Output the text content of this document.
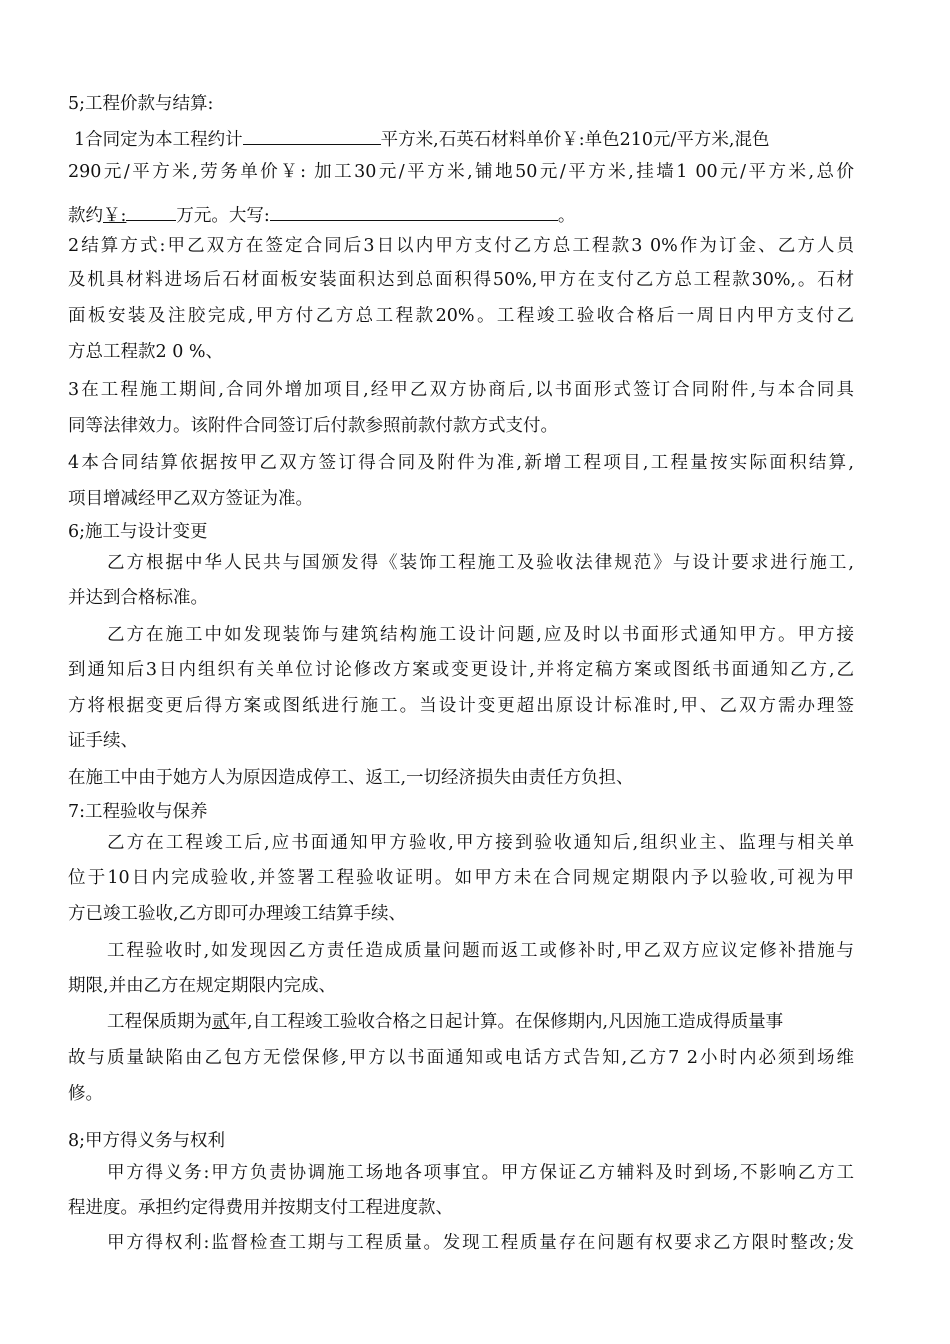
5;工程价款与结算:
1合同定为本工程约计	平方米,石英石材料单价￥:单色210元/平方米,混色
290元/平方米,劳务单价￥: 加工30元/平方米,铺地50元/平方米,挂墙1 00元/平方米,总价
款约￥:	万元。大写:	。
2结算方式:甲乙双方在签定合同后3日以内甲方支付乙方总工程款3 0%作为订金、乙方人员
及机具材料进场后石材面板安装面积达到总面积得50%,甲方在支付乙方总工程款30%,。石材
面板安装及注胶完成,甲方付乙方总工程款20%。工程竣工验收合格后一周日内甲方支付乙
方总工程款2 0 %、
3在工程施工期间,合同外增加项目,经甲乙双方协商后,以书面形式签订合同附件,与本合同具
同等法律效力。该附件合同签订后付款参照前款付款方式支付。
4本合同结算依据按甲乙双方签订得合同及附件为准,新增工程项目,工程量按实际面积结算,
项目增减经甲乙双方签证为准。
6;施工与设计变更
乙方根据中华人民共与国颁发得《装饰工程施工及验收法律规范》与设计要求进行施工,
并达到合格标准。
乙方在施工中如发现装饰与建筑结构施工设计问题,应及时以书面形式通知甲方。甲方接
到通知后3日内组织有关单位讨论修改方案或变更设计,并将定稿方案或图纸书面通知乙方,乙
方将根据变更后得方案或图纸进行施工。当设计变更超出原设计标准时,甲、乙双方需办理签
证手续、
在施工中由于她方人为原因造成停工、返工,一切经济损失由责任方负担、
7:工程验收与保养
乙方在工程竣工后,应书面通知甲方验收,甲方接到验收通知后,组织业主、监理与相关单
位于10日内完成验收,并签署工程验收证明。如甲方未在合同规定期限内予以验收,可视为甲
方已竣工验收,乙方即可办理竣工结算手续、
工程验收时,如发现因乙方责任造成质量问题而返工或修补时,甲乙双方应议定修补措施与
期限,并由乙方在规定期限内完成、
工程保质期为贰年,自工程竣工验收合格之日起计算。在保修期内,凡因施工造成得质量事
故与质量缺陷由乙包方无偿保修,甲方以书面通知或电话方式告知,乙方7 2小时内必须到场维
修。
8;甲方得义务与权利
甲方得义务:甲方负责协调施工场地各项事宜。甲方保证乙方辅料及时到场,不影响乙方工
程进度。承担约定得费用并按期支付工程进度款、
甲方得权利:监督检查工期与工程质量。发现工程质量存在问题有权要求乙方限时整改;发
